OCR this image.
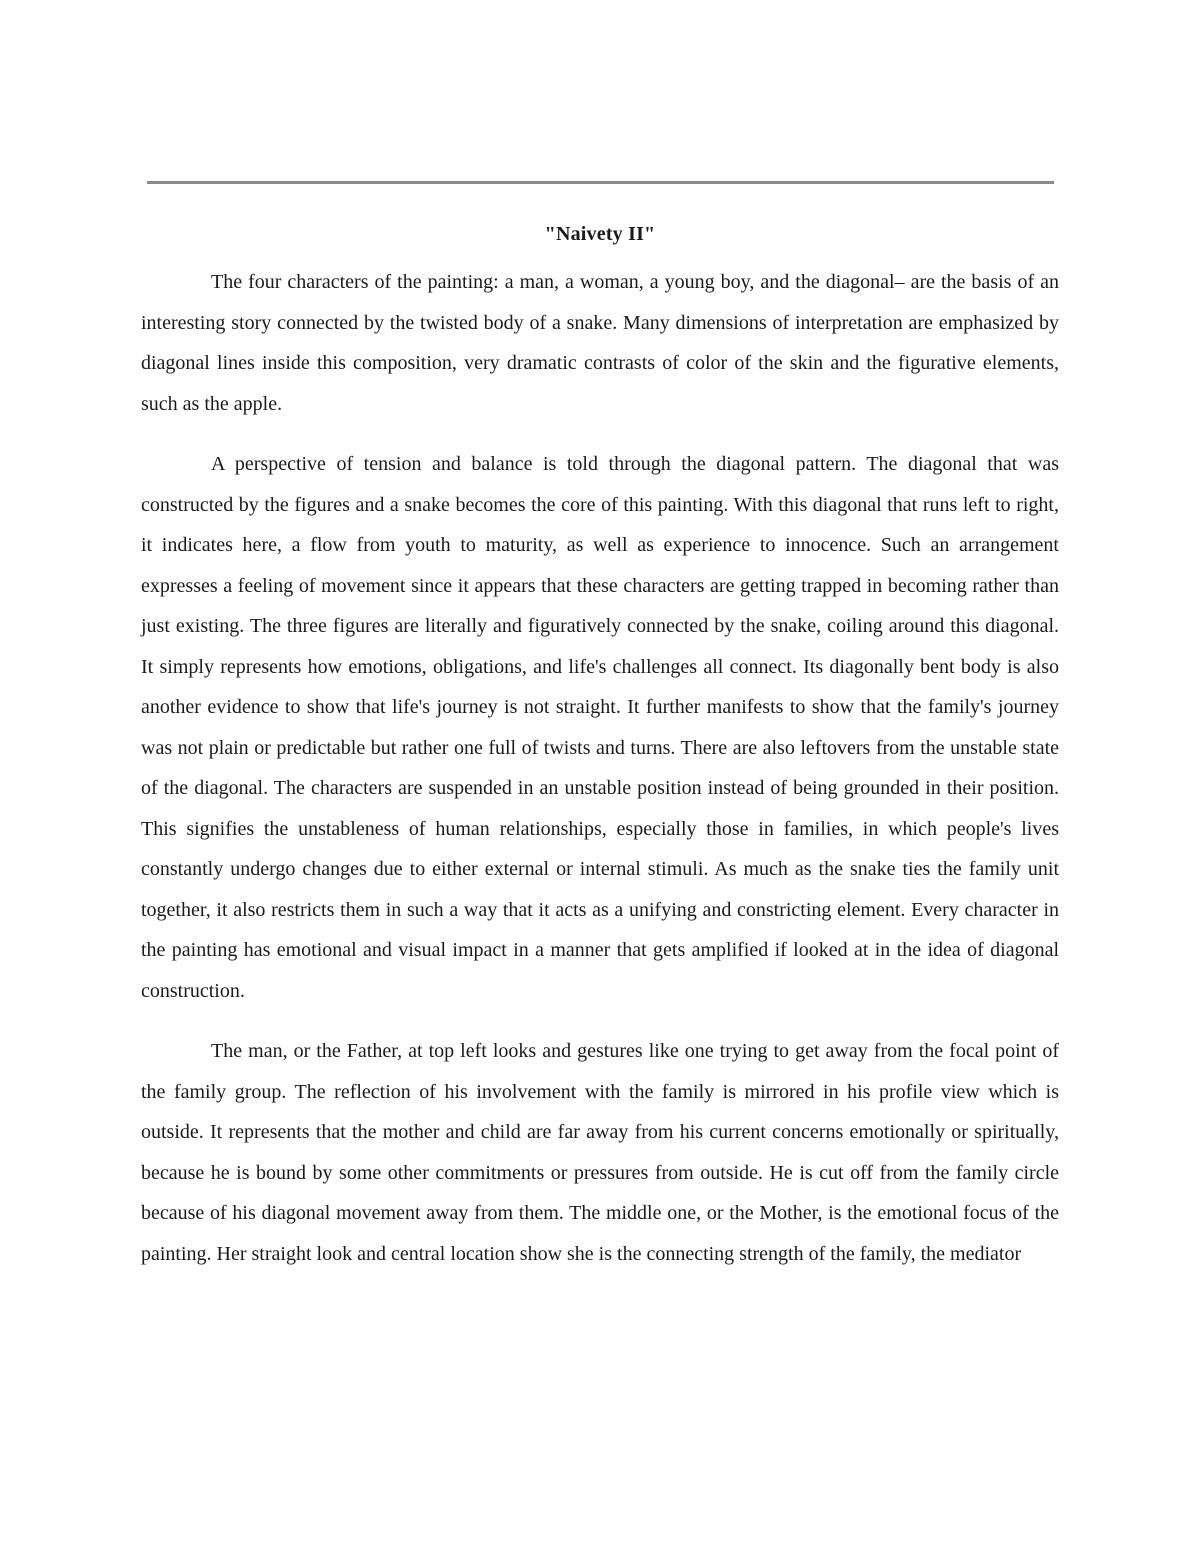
"Naivety II"

The four characters of the painting: a man, a woman, a young boy, and the diagonal– are the basis of an interesting story connected by the twisted body of a snake. Many dimensions of interpretation are emphasized by diagonal lines inside this composition, very dramatic contrasts of color of the skin and the figurative elements, such as the apple.

A perspective of tension and balance is told through the diagonal pattern. The diagonal that was constructed by the figures and a snake becomes the core of this painting. With this diagonal that runs left to right, it indicates here, a flow from youth to maturity, as well as experience to innocence. Such an arrangement expresses a feeling of movement since it appears that these characters are getting trapped in becoming rather than just existing. The three figures are literally and figuratively connected by the snake, coiling around this diagonal. It simply represents how emotions, obligations, and life's challenges all connect. Its diagonally bent body is also another evidence to show that life's journey is not straight. It further manifests to show that the family's journey was not plain or predictable but rather one full of twists and turns. There are also leftovers from the unstable state of the diagonal. The characters are suspended in an unstable position instead of being grounded in their position. This signifies the unstableness of human relationships, especially those in families, in which people's lives constantly undergo changes due to either external or internal stimuli. As much as the snake ties the family unit together, it also restricts them in such a way that it acts as a unifying and constricting element. Every character in the painting has emotional and visual impact in a manner that gets amplified if looked at in the idea of diagonal construction.

The man, or the Father, at top left looks and gestures like one trying to get away from the focal point of the family group. The reflection of his involvement with the family is mirrored in his profile view which is outside. It represents that the mother and child are far away from his current concerns emotionally or spiritually, because he is bound by some other commitments or pressures from outside. He is cut off from the family circle because of his diagonal movement away from them. The middle one, or the Mother, is the emotional focus of the painting. Her straight look and central location show she is the connecting strength of the family, the mediator
